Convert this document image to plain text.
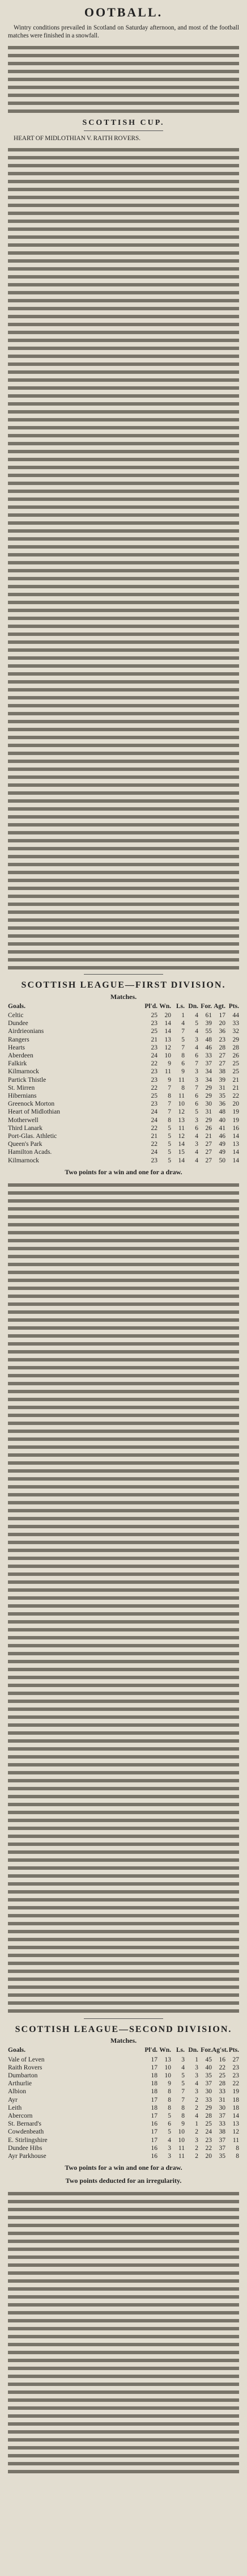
OOTBALL.

Wintry conditions prevailed in Scotland on Saturday afternoon, and most of the football matches were finished in a snowfall.

SCOTTISH CUP.

HEART OF MIDLOTHIAN V. RAITH ROVERS.

SCOTTISH LEAGUE—FIRST DIVISION.
Matches.
Goals.	Pl'd. Wn. Ls. Dn. For. Agt. Pts.
Celtic	25	20	1	4	61	17	44
Dundee	23	14	4	5	39	20	33
Airdrieonians	25	14	7	4	55	36	32
Rangers	21	13	5	3	48	23	29
Hearts	23	12	7	4	46	28	28
Aberdeen	24	10	8	6	33	27	26
Falkirk	22	9	6	7	37	27	25
Kilmarnock	23	11	9	3	34	38	25
Partick Thistle	23	9	11	3	34	39	21
St. Mirren	22	7	8	7	29	31	21
Hibernians	25	8	11	6	29	35	22
Greenock Morton	23	7	10	6	30	36	20
Heart of Midlothian	24	7	12	5	31	48	19
Motherwell	24	8	13	3	29	40	19
Third Lanark	22	5	11	6	26	41	16
Port-Glas. Athletic	21	5	12	4	21	46	14
Queen's Park	22	5	14	3	27	49	13
Hamilton Acads.	24	5	15	4	27	49	14
Kilmarnock	23	5	14	4	27	50	14
Two points for a win and one for a draw.
SCOTTISH LEAGUE—SECOND DIVISION.
Matches.
Goals.	Pl'd. Wn. Ls. Dn. For. Ag'st. Pts.
Vale of Leven	17	13	3	1	45	16	27
Raith Rovers	17	10	4	3	40	22	23
Dumbarton	18	10	5	3	35	25	23
Arthurlie	18	9	5	4	37	28	22
Albion	18	8	7	3	30	33	19
Ayr	17	8	7	2	33	31	18
Leith	18	8	8	2	29	30	18
Abercorn	17	5	8	4	28	37	14
St. Bernard's	16	6	9	1	25	33	13
Cowdenbeath	17	5	10	2	24	38	12
E. Stirlingshire	17	4	10	3	23	37	11
Dundee Hibs	16	3	11	2	22	37	8
Ayr Parkhouse	16	3	11	2	20	35	8
Two points for a win and one for a draw.
Two points deducted for an irregularity.
